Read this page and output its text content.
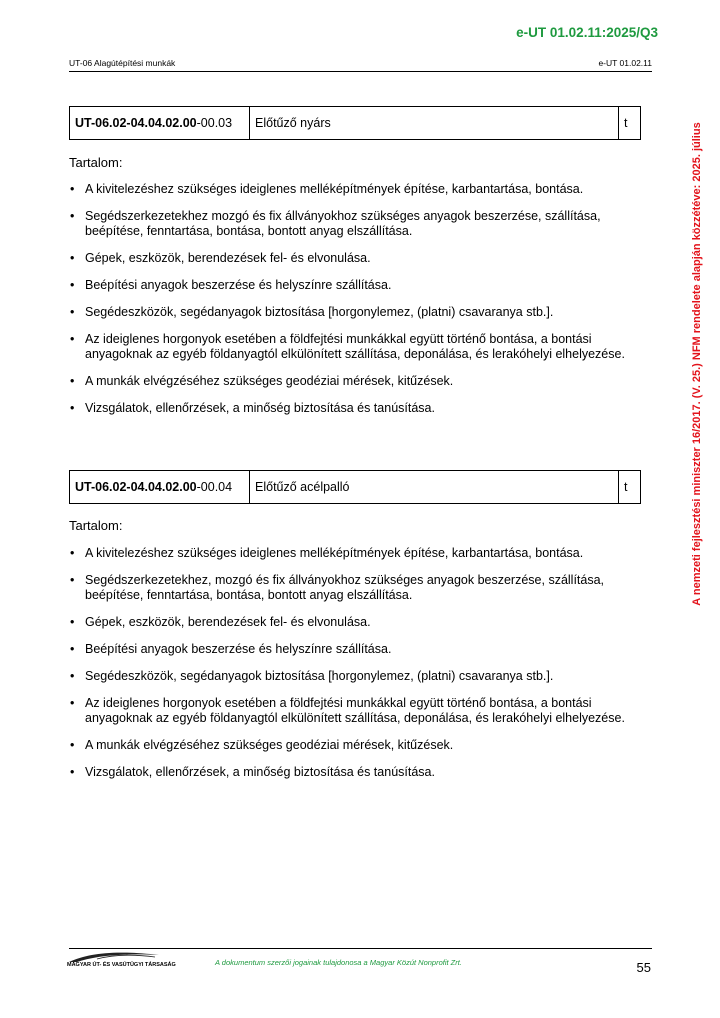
e-UT 01.02.11:2025/Q3
UT-06 Alagútépítési munkák	e-UT 01.02.11
A nemzeti fejlesztési miniszter 16/2017. (V. 25.) NFM rendelete alapján közzétéve: 2025. július
UT-06.02-04.04.02.00-00.03	Előtűző nyárs	t
Tartalom:
• A kivitelezéshez szükséges ideiglenes melléképítmények építése, karbantartása, bontása.
• Segédszerkezetekhez mozgó és fix állványokhoz szükséges anyagok beszerzése, szállítása, beépítése, fenntartása, bontása, bontott anyag elszállítása.
• Gépek, eszközök, berendezések fel- és elvonulása.
• Beépítési anyagok beszerzése és helyszínre szállítása.
• Segédeszközök, segédanyagok biztosítása [horgonylemez, (platni) csavaranya stb.].
• Az ideiglenes horgonyok esetében a földfejtési munkákkal együtt történő bontása, a bontási anyagoknak az egyéb földanyagtól elkülönített szállítása, deponálása, és lerakóhelyi elhelyezése.
• A munkák elvégzéséhez szükséges geodéziai mérések, kitűzések.
• Vizsgálatok, ellenőrzések, a minőség biztosítása és tanúsítása.
UT-06.02-04.04.02.00-00.04	Előtűző acélpalló	t
Tartalom:
• A kivitelezéshez szükséges ideiglenes melléképítmények építése, karbantartása, bontása.
• Segédszerkezetekhez, mozgó és fix állványokhoz szükséges anyagok beszerzése, szállítása, beépítése, fenntartása, bontása, bontott anyag elszállítása.
• Gépek, eszközök, berendezések fel- és elvonulása.
• Beépítési anyagok beszerzése és helyszínre szállítása.
• Segédeszközök, segédanyagok biztosítása [horgonylemez, (platni) csavaranya stb.].
• Az ideiglenes horgonyok esetében a földfejtési munkákkal együtt történő bontása, a bontási anyagoknak az egyéb földanyagtól elkülönített szállítása, deponálása, és lerakóhelyi elhelyezése.
• A munkák elvégzéséhez szükséges geodéziai mérések, kitűzések.
• Vizsgálatok, ellenőrzések, a minőség biztosítása és tanúsítása.
MAGYAR ÚT- ÉS VASÚTÜGYI TÁRSASÁG	A dokumentum szerzői jogainak tulajdonosa a Magyar Közút Nonprofit Zrt.	55
